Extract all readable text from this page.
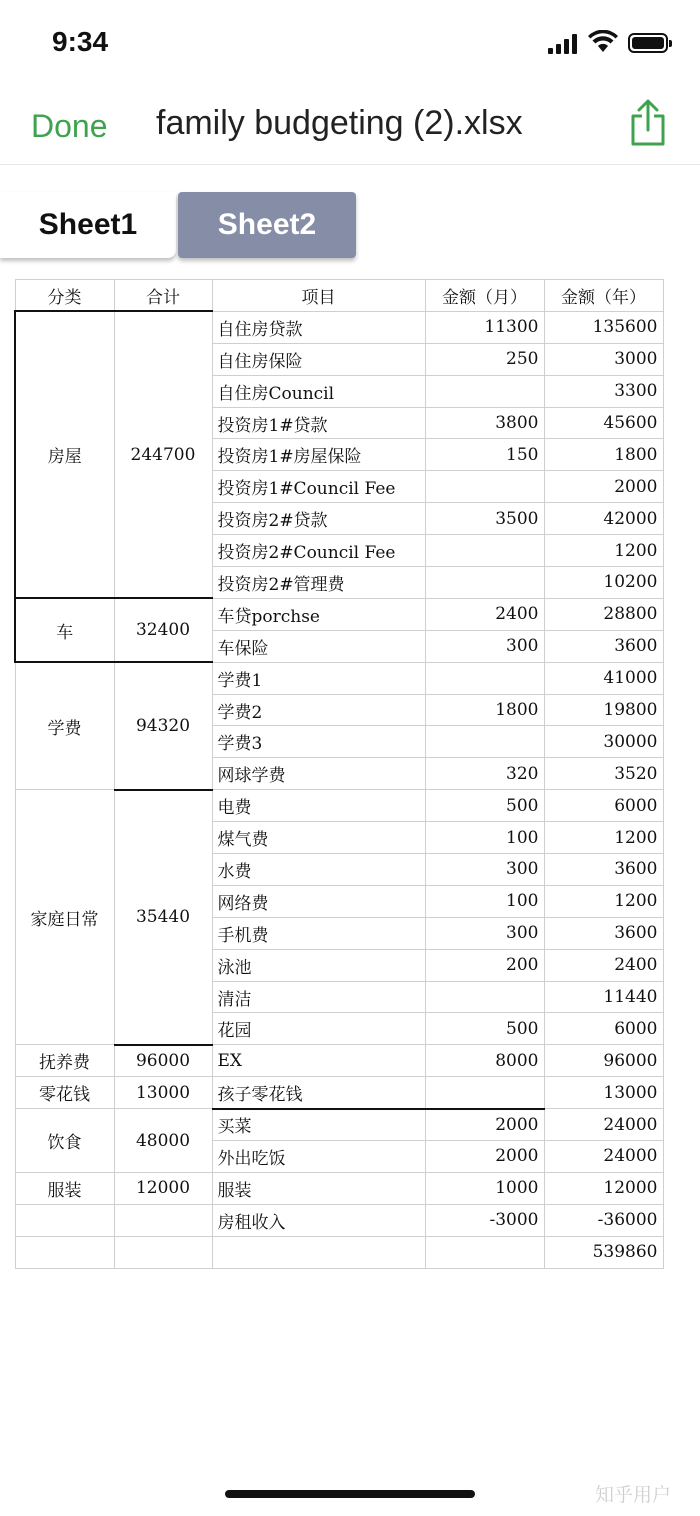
9:34
Done family budgeting (2).xlsx
Sheet1	Sheet2
分类	合计	项目	金额（月）	金额（年）
房屋	244700	自住房贷款	11300	135600
		自住房保险	250	3000
		自住房Council		3300
		投资房1#贷款	3800	45600
		投资房1#房屋保险	150	1800
		投资房1#Council Fee		2000
		投资房2#贷款	3500	42000
		投资房2#Council Fee		1200
		投资房2#管理费		10200
车	32400	车贷porchse	2400	28800
		车保险	300	3600
学费	94320	学费1		41000
		学费2	1800	19800
		学费3		30000
		网球学费	320	3520
家庭日常	35440	电费	500	6000
		煤气费	100	1200
		水费	300	3600
		网络费	100	1200
		手机费	300	3600
		泳池	200	2400
		清洁		11440
		花园	500	6000
抚养费	96000	EX	8000	96000
零花钱	13000	孩子零花钱		13000
饮食	48000	买菜	2000	24000
		外出吃饭	2000	24000
服装	12000	服装	1000	12000
		房租收入	-3000	-36000
				539860
知乎用户
